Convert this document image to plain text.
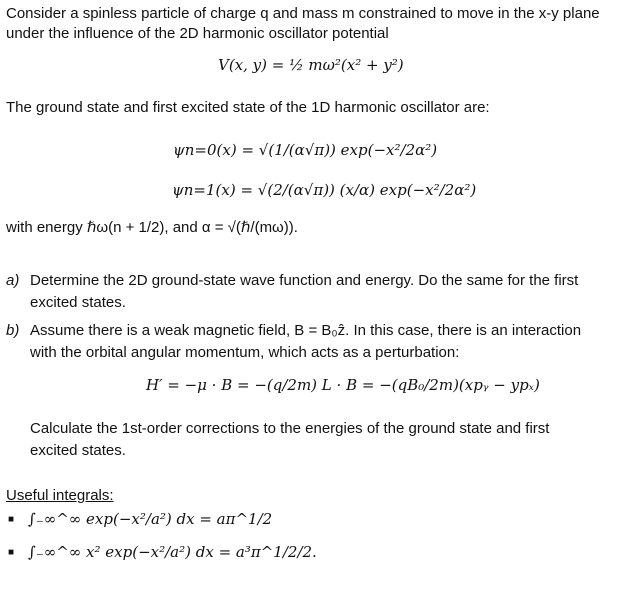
Consider a spinless particle of charge q and mass m constrained to move in the x-y plane
under the influence of the 2D harmonic oscillator potential
V(x, y) = ½ mω²(x² + y²)
The ground state and first excited state of the 1D harmonic oscillator are:
ψn=0(x) = √(1/(α√π)) exp(−x²/2α²)
ψn=1(x) = √(2/(α√π)) (x/α) exp(−x²/2α²)
with energy ℏω(n + 1/2), and α = √(ℏ/(mω)).
a) Determine the 2D ground-state wave function and energy. Do the same for the first
excited states.
b) Assume there is a weak magnetic field, B = B₀ẑ. In this case, there is an interaction
with the orbital angular momentum, which acts as a perturbation:
H′ = −μ · B = −(q/2m) L · B = −(qB₀/2m)(xpᵧ − ypₓ)
Calculate the 1st-order corrections to the energies of the ground state and first
excited states.
Useful integrals:
■ ∫₋∞^∞ exp(−x²/a²) dx = aπ^1/2
■ ∫₋∞^∞ x² exp(−x²/a²) dx = a³π^1/2/2.
